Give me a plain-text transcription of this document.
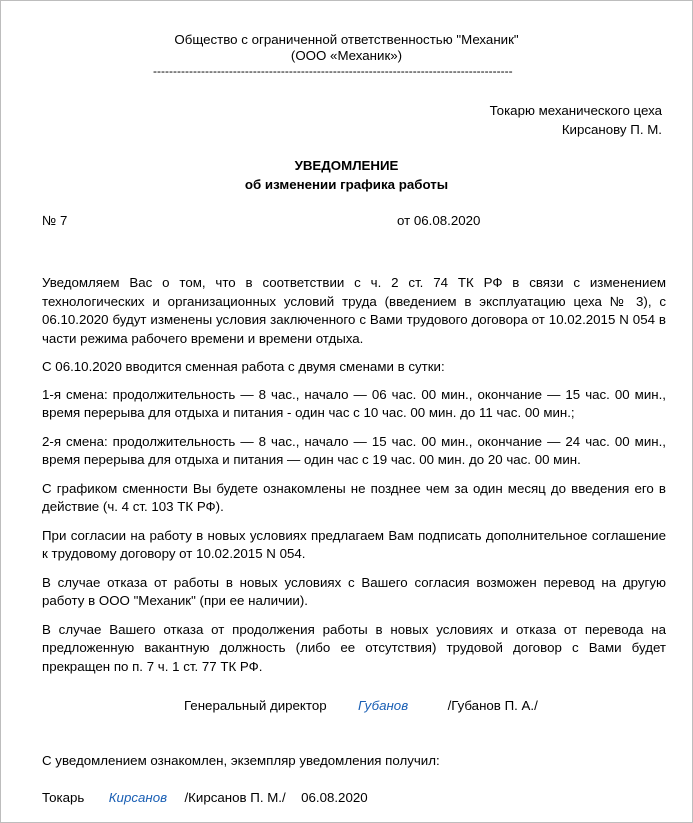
Общество с ограниченной ответственностью "Механик"
(ООО «Механик»)
------------------------------------------------------------------------------------------
Токарю механического цеха
Кирсанову П. М.
УВЕДОМЛЕНИЕ
об изменении графика работы
№ 7	от 06.08.2020

Уведомляем Вас о том, что в соответствии с ч. 2 ст. 74 ТК РФ в связи с изменением технологических и организационных условий труда (введением в эксплуатацию цеха № 3), с 06.10.2020 будут изменены условия заключенного с Вами трудового договора от 10.02.2015 N 054 в части режима рабочего времени и времени отдыха.

С 06.10.2020 вводится сменная работа с двумя сменами в сутки:

1-я смена: продолжительность — 8 час., начало — 06 час. 00 мин., окончание — 15 час. 00 мин., время перерыва для отдыха и питания - один час с 10 час. 00 мин. до 11 час. 00 мин.;

2-я смена: продолжительность — 8 час., начало — 15 час. 00 мин., окончание — 24 час. 00 мин., время перерыва для отдыха и питания — один час с 19 час. 00 мин. до 20 час. 00 мин.

С графиком сменности Вы будете ознакомлены не позднее чем за один месяц до введения его в действие (ч. 4 ст. 103 ТК РФ).

При согласии на работу в новых условиях предлагаем Вам подписать дополнительное соглашение к трудовому договору от 10.02.2015 N 054.

В случае отказа от работы в новых условиях с Вашего согласия возможен перевод на другую работу в ООО "Механик" (при ее наличии).

В случае Вашего отказа от продолжения работы в новых условиях и отказа от перевода на предложенную вакантную должность (либо ее отсутствия) трудовой договор с Вами будет прекращен по п. 7 ч. 1 ст. 77 ТК РФ.

Генеральный директор Губанов	/Губанов П. А./
С уведомлением ознакомлен, экземпляр уведомления получил:
Токарь Кирсанов /Кирсанов П. М./ 06.08.2020
